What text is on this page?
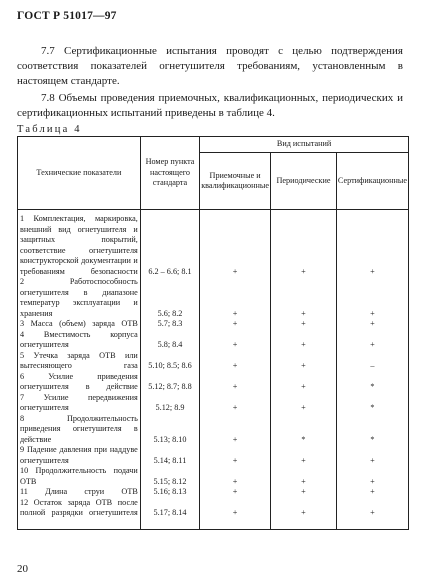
ГОСТ Р 51017—97
7.7 Сертификационные испытания проводят с целью подтверждения соответствия показателей огнетушителя требованиям, установленным в настоящем стандарте.
7.8 Объемы проведения приемочных, квалификационных, периодических и сертификационных испытаний приведены в таблице 4.
Таблица 4
Технические показатели	Номер пункта настоящего стандарта	Вид испытаний		
		Приемочные и квалификационные	Периодические	Сертификационные
1 Комплектация, маркировка, внешний вид огнетушителя и защитных покрытий, соответствие огнетушителя конструкторской документации и требованиям безопасности	6.2 – 6.6; 8.1	+	+	+
2 Работоспособность огнетушителя в диапазоне температур эксплуатации и хранения	5.6; 8.2	+	+	+
3 Масса (объем) заряда ОТВ	5.7; 8.3	+	+	+
4 Вместимость корпуса огнетушителя	5.8; 8.4	+	+	+
5 Утечка заряда ОТВ или вытесняющего газа	5.10; 8.5; 8.6	+	+	–
6 Усилие приведения огнетушителя в действие	5.12; 8.7; 8.8	+	+	*
7 Усилие передвижения огнетушителя	5.12; 8.9	+	+	*
8 Продолжительность приведения огнетушителя в действие	5.13; 8.10	+	*	*
9 Падение давления при наддуве огнетушителя	5.14; 8.11	+	+	+
10 Продолжительность подачи ОТВ	5.15; 8.12	+	+	+
11 Длина струи ОТВ	5.16; 8.13	+	+	+
12 Остаток заряда ОТВ после полной разрядки огнетушителя	5.17; 8.14	+	+	+

20
